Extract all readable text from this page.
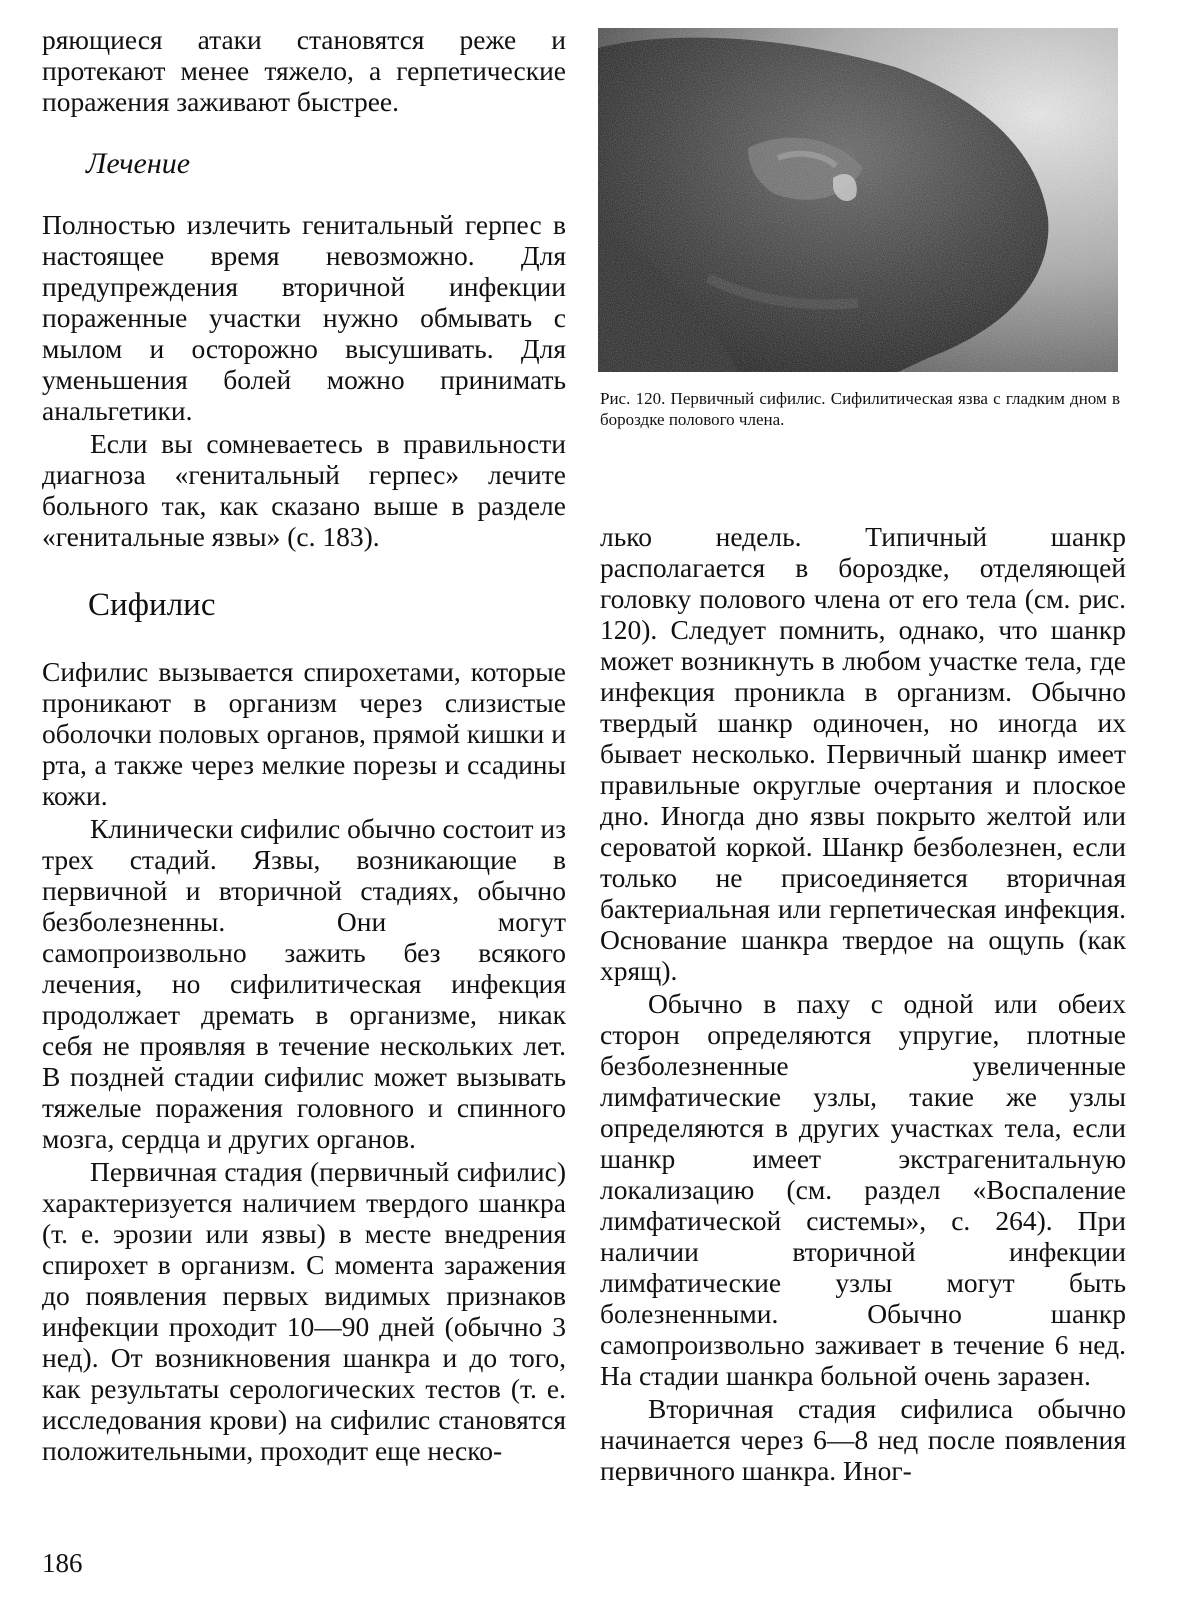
ряющиеся атаки становятся реже и протекают менее тяжело, а герпетические поражения заживают быстрее.

Лечение

Полностью излечить генитальный герпес в настоящее время невозможно. Для предупреждения вторичной инфекции пораженные участки нужно обмывать с мылом и осторожно высушивать. Для уменьшения болей можно принимать анальгетики.

Если вы сомневаетесь в правильности диагноза «генитальный герпес» лечите больного так, как сказано выше в разделе «генитальные язвы» (с. 183).

Сифилис

Сифилис вызывается спирохетами, которые проникают в организм через слизистые оболочки половых органов, прямой кишки и рта, а также через мелкие порезы и ссадины кожи.

Клинически сифилис обычно состоит из трех стадий. Язвы, возникающие в первичной и вторичной стадиях, обычно безболезненны. Они могут самопроизвольно зажить без всякого лечения, но сифилитическая инфекция продолжает дремать в организме, никак себя не проявляя в течение нескольких лет. В поздней стадии сифилис может вызывать тяжелые поражения головного и спинного мозга, сердца и других органов.

Первичная стадия (первичный сифилис) характеризуется наличием твердого шанкра (т. е. эрозии или язвы) в месте внедрения спирохет в организм. С момента заражения до появления первых видимых признаков инфекции проходит 10—90 дней (обычно 3 нед). От возникновения шанкра и до того, как результаты серологических тестов (т. е. исследования крови) на сифилис становятся положительными, проходит еще неско-

Рис. 120. Первичный сифилис. Сифилитическая язва с гладким дном в бороздке полового члена.

лько недель. Типичный шанкр располагается в бороздке, отделяющей головку полового члена от его тела (см. рис. 120). Следует помнить, однако, что шанкр может возникнуть в любом участке тела, где инфекция проникла в организм. Обычно твердый шанкр одиночен, но иногда их бывает несколько. Первичный шанкр имеет правильные округлые очертания и плоское дно. Иногда дно язвы покрыто желтой или сероватой коркой. Шанкр безболезнен, если только не присоединяется вторичная бактериальная или герпетическая инфекция. Основание шанкра твердое на ощупь (как хрящ).

Обычно в паху с одной или обеих сторон определяются упругие, плотные безболезненные увеличенные лимфатические узлы, такие же узлы определяются в других участках тела, если шанкр имеет экстрагенитальную локализацию (см. раздел «Воспаление лимфатической системы», с. 264). При наличии вторичной инфекции лимфатические узлы могут быть болезненными. Обычно шанкр самопроизвольно заживает в течение 6 нед. На стадии шанкра больной очень заразен.

Вторичная стадия сифилиса обычно начинается через 6—8 нед после появления первичного шанкра. Иног-

186
